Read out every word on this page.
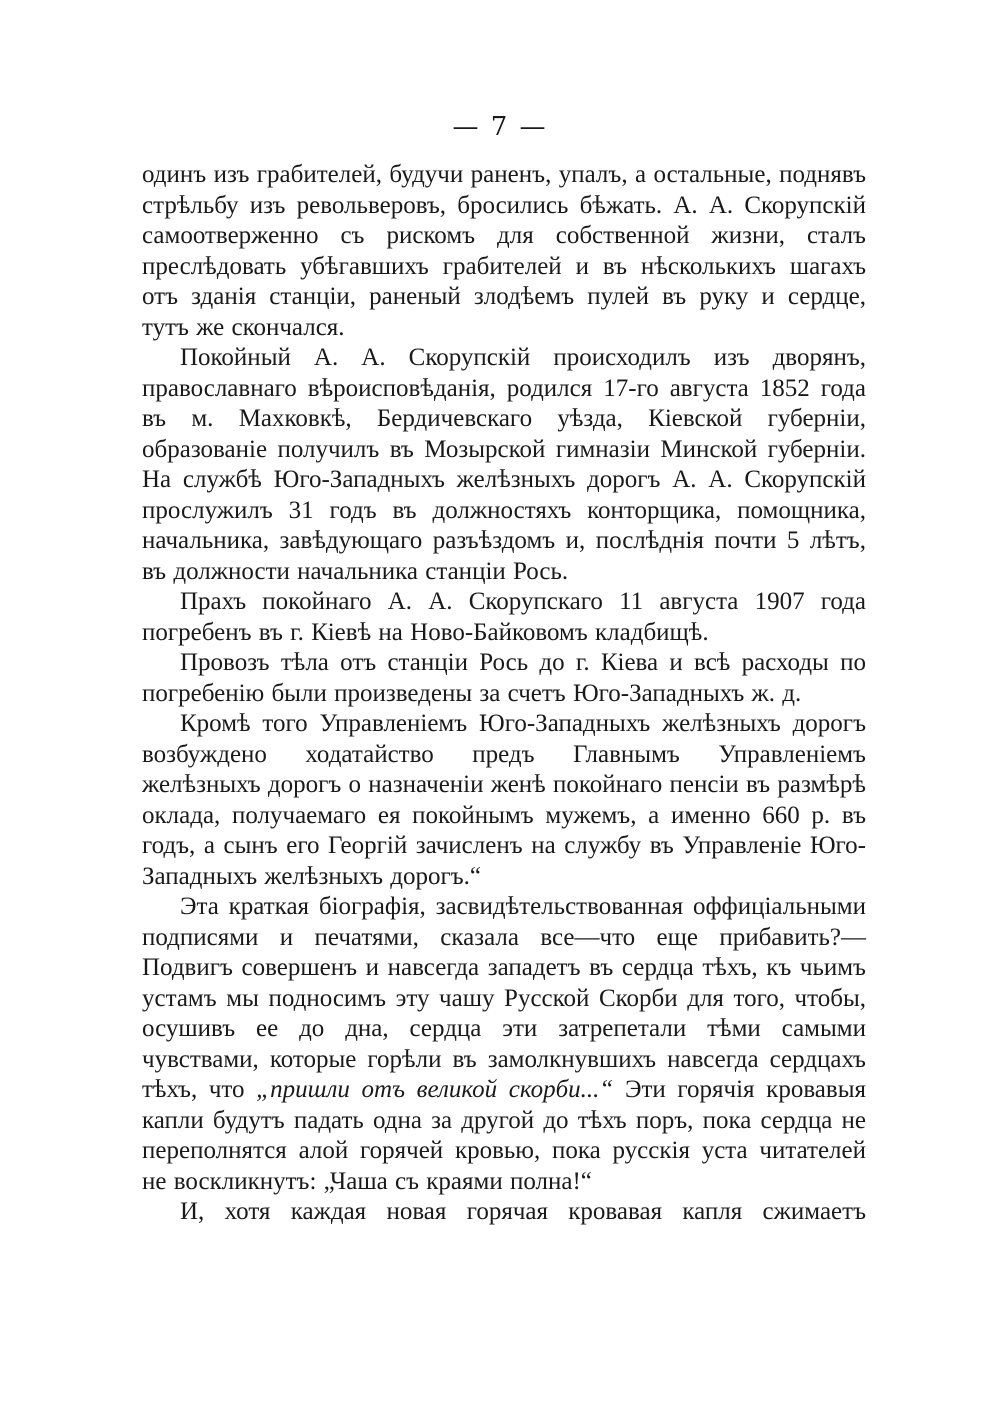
— 7 —

одинъ изъ грабителей, будучи раненъ, упалъ, а остальные, поднявъ стрѣльбу изъ револьверовъ, бросились бѣжать. А. А. Скорупскій самоотверженно съ рискомъ для собственной жизни, сталъ преслѣдовать убѣгавшихъ грабителей и въ нѣсколькихъ шагахъ отъ зданія станціи, раненый злодѣемъ пулей въ руку и сердце, тутъ же скончался.

Покойный А. А. Скорупскій происходилъ изъ дворянъ, православнаго вѣроисповѣданія, родился 17-го августа 1852 года въ м. Махковкѣ, Бердичевскаго уѣзда, Кіевской губерніи, образованіе получилъ въ Мозырской гимназіи Минской губерніи. На службѣ Юго-Западныхъ желѣзныхъ дорогъ А. А. Скорупскій прослужилъ 31 годъ въ должностяхъ конторщика, помощника, начальника, завѣдующаго разъѣздомъ и, послѣднія почти 5 лѣтъ, въ должности начальника станціи Рось.

Прахъ покойнаго А. А. Скорупскаго 11 августа 1907 года погребенъ въ г. Кіевѣ на Ново-Байковомъ кладбищѣ.

Провозъ тѣла отъ станціи Рось до г. Кіева и всѣ расходы по погребенію были произведены за счетъ Юго-Западныхъ ж. д.

Кромѣ того Управленіемъ Юго-Западныхъ желѣзныхъ дорогъ возбуждено ходатайство предъ Главнымъ Управленіемъ желѣзныхъ дорогъ о назначеніи женѣ покойнаго пенсіи въ размѣрѣ оклада, получаемаго ея покойнымъ мужемъ, а именно 660 р. въ годъ, а сынъ его Георгій зачисленъ на службу въ Управленіе Юго-Западныхъ желѣзныхъ дорогъ.“

Эта краткая біографія, засвидѣтельствованная оффиціальными подписями и печатями, сказала все—что еще прибавить?—Подвигъ совершенъ и навсегда западетъ въ сердца тѣхъ, къ чьимъ устамъ мы подносимъ эту чашу Русской Скорби для того, чтобы, осушивъ ее до дна, сердца эти затрепетали тѣми самыми чувствами, которые горѣли въ замолкнувшихъ навсегда сердцахъ тѣхъ, что „пришли отъ великой скорби...“ Эти горячія кровавыя капли будутъ падать одна за другой до тѣхъ поръ, пока сердца не переполнятся алой горячей кровью, пока русскія уста читателей не воскликнутъ: „Чаша съ краями полна!“

И, хотя каждая новая горячая кровавая капля сжимаетъ
